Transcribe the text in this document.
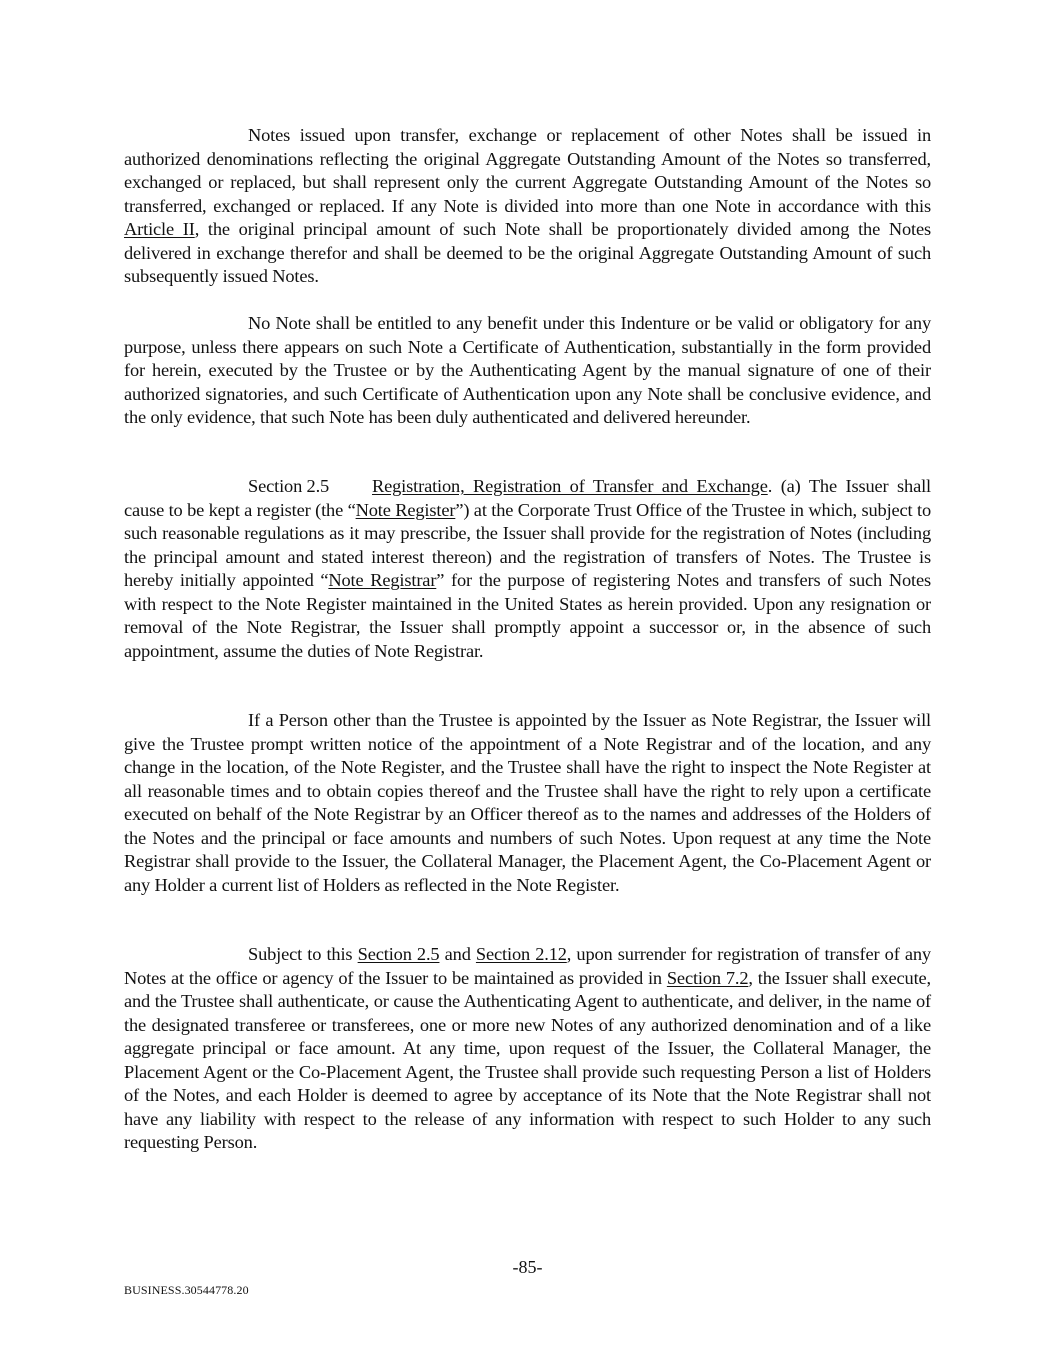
Notes issued upon transfer, exchange or replacement of other Notes shall be issued in authorized denominations reflecting the original Aggregate Outstanding Amount of the Notes so transferred, exchanged or replaced, but shall represent only the current Aggregate Outstanding Amount of the Notes so transferred, exchanged or replaced. If any Note is divided into more than one Note in accordance with this Article II, the original principal amount of such Note shall be proportionately divided among the Notes delivered in exchange therefor and shall be deemed to be the original Aggregate Outstanding Amount of such subsequently issued Notes.
No Note shall be entitled to any benefit under this Indenture or be valid or obligatory for any purpose, unless there appears on such Note a Certificate of Authentication, substantially in the form provided for herein, executed by the Trustee or by the Authenticating Agent by the manual signature of one of their authorized signatories, and such Certificate of Authentication upon any Note shall be conclusive evidence, and the only evidence, that such Note has been duly authenticated and delivered hereunder.
Section 2.5 Registration, Registration of Transfer and Exchange. (a) The Issuer shall cause to be kept a register (the “Note Register”) at the Corporate Trust Office of the Trustee in which, subject to such reasonable regulations as it may prescribe, the Issuer shall provide for the registration of Notes (including the principal amount and stated interest thereon) and the registration of transfers of Notes. The Trustee is hereby initially appointed “Note Registrar” for the purpose of registering Notes and transfers of such Notes with respect to the Note Register maintained in the United States as herein provided. Upon any resignation or removal of the Note Registrar, the Issuer shall promptly appoint a successor or, in the absence of such appointment, assume the duties of Note Registrar.
If a Person other than the Trustee is appointed by the Issuer as Note Registrar, the Issuer will give the Trustee prompt written notice of the appointment of a Note Registrar and of the location, and any change in the location, of the Note Register, and the Trustee shall have the right to inspect the Note Register at all reasonable times and to obtain copies thereof and the Trustee shall have the right to rely upon a certificate executed on behalf of the Note Registrar by an Officer thereof as to the names and addresses of the Holders of the Notes and the principal or face amounts and numbers of such Notes. Upon request at any time the Note Registrar shall provide to the Issuer, the Collateral Manager, the Placement Agent, the Co-Placement Agent or any Holder a current list of Holders as reflected in the Note Register.
Subject to this Section 2.5 and Section 2.12, upon surrender for registration of transfer of any Notes at the office or agency of the Issuer to be maintained as provided in Section 7.2, the Issuer shall execute, and the Trustee shall authenticate, or cause the Authenticating Agent to authenticate, and deliver, in the name of the designated transferee or transferees, one or more new Notes of any authorized denomination and of a like aggregate principal or face amount. At any time, upon request of the Issuer, the Collateral Manager, the Placement Agent or the Co-Placement Agent, the Trustee shall provide such requesting Person a list of Holders of the Notes, and each Holder is deemed to agree by acceptance of its Note that the Note Registrar shall not have any liability with respect to the release of any information with respect to such Holder to any such requesting Person.
-85-
BUSINESS.30544778.20
